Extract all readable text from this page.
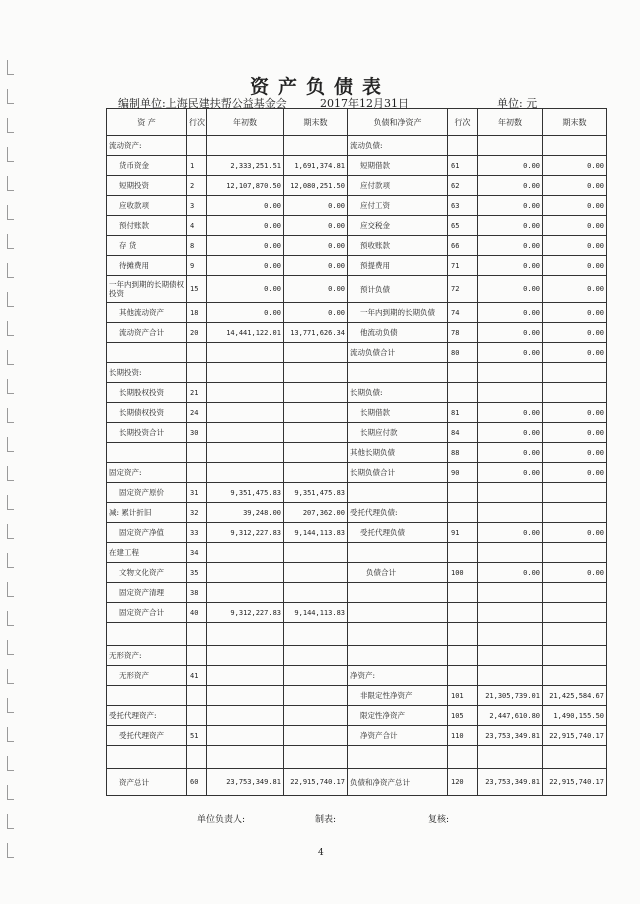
资产负债表
编制单位:上海民建扶帮公益基金会	2017年12月31日	单位: 元
资 产	行次	年初数	期末数	负债和净资产	行次	年初数	期末数
流动资产:				流动负债:			
货币资金	1	2,333,251.51	1,691,374.81	短期借款	61	0.00	0.00
短期投资	2	12,107,870.50	12,080,251.50	应付款项	62	0.00	0.00
应收款项	3	0.00	0.00	应付工资	63	0.00	0.00
预付账款	4	0.00	0.00	应交税金	65	0.00	0.00
存 货	8	0.00	0.00	预收账款	66	0.00	0.00
待摊费用	9	0.00	0.00	预提费用	71	0.00	0.00
一年内到期的长期债权投资	15	0.00	0.00	预计负债	72	0.00	0.00
其他流动资产	18	0.00	0.00	一年内到期的长期负债	74	0.00	0.00
流动资产合计	20	14,441,122.01	13,771,626.34	他流动负债	78	0.00	0.00
				流动负债合计	80	0.00	0.00
长期投资:							
长期股权投资	21			长期负债:			
长期债权投资	24			长期借款	81	0.00	0.00
长期投资合计	30			长期应付款	84	0.00	0.00
				其他长期负债	88	0.00	0.00
固定资产:				长期负债合计	90	0.00	0.00
固定资产原价	31	9,351,475.83	9,351,475.83				
减: 累计折旧	32	39,248.00	207,362.00	受托代理负债:			
固定资产净值	33	9,312,227.83	9,144,113.83	受托代理负债	91	0.00	0.00
在建工程	34						
文物文化资产	35			负债合计	100	0.00	0.00
固定资产清理	38						
固定资产合计	40	9,312,227.83	9,144,113.83				

无形资产:							
无形资产	41			净资产:			
				非限定性净资产	101	21,305,739.01	21,425,584.67
受托代理资产:				限定性净资产	105	2,447,610.80	1,490,155.50
受托代理资产	51			净资产合计	110	23,753,349.81	22,915,740.17

资产总计	60	23,753,349.81	22,915,740.17	负债和净资产总计	120	23,753,349.81	22,915,740.17
单位负责人:	制表:	复核:
4
